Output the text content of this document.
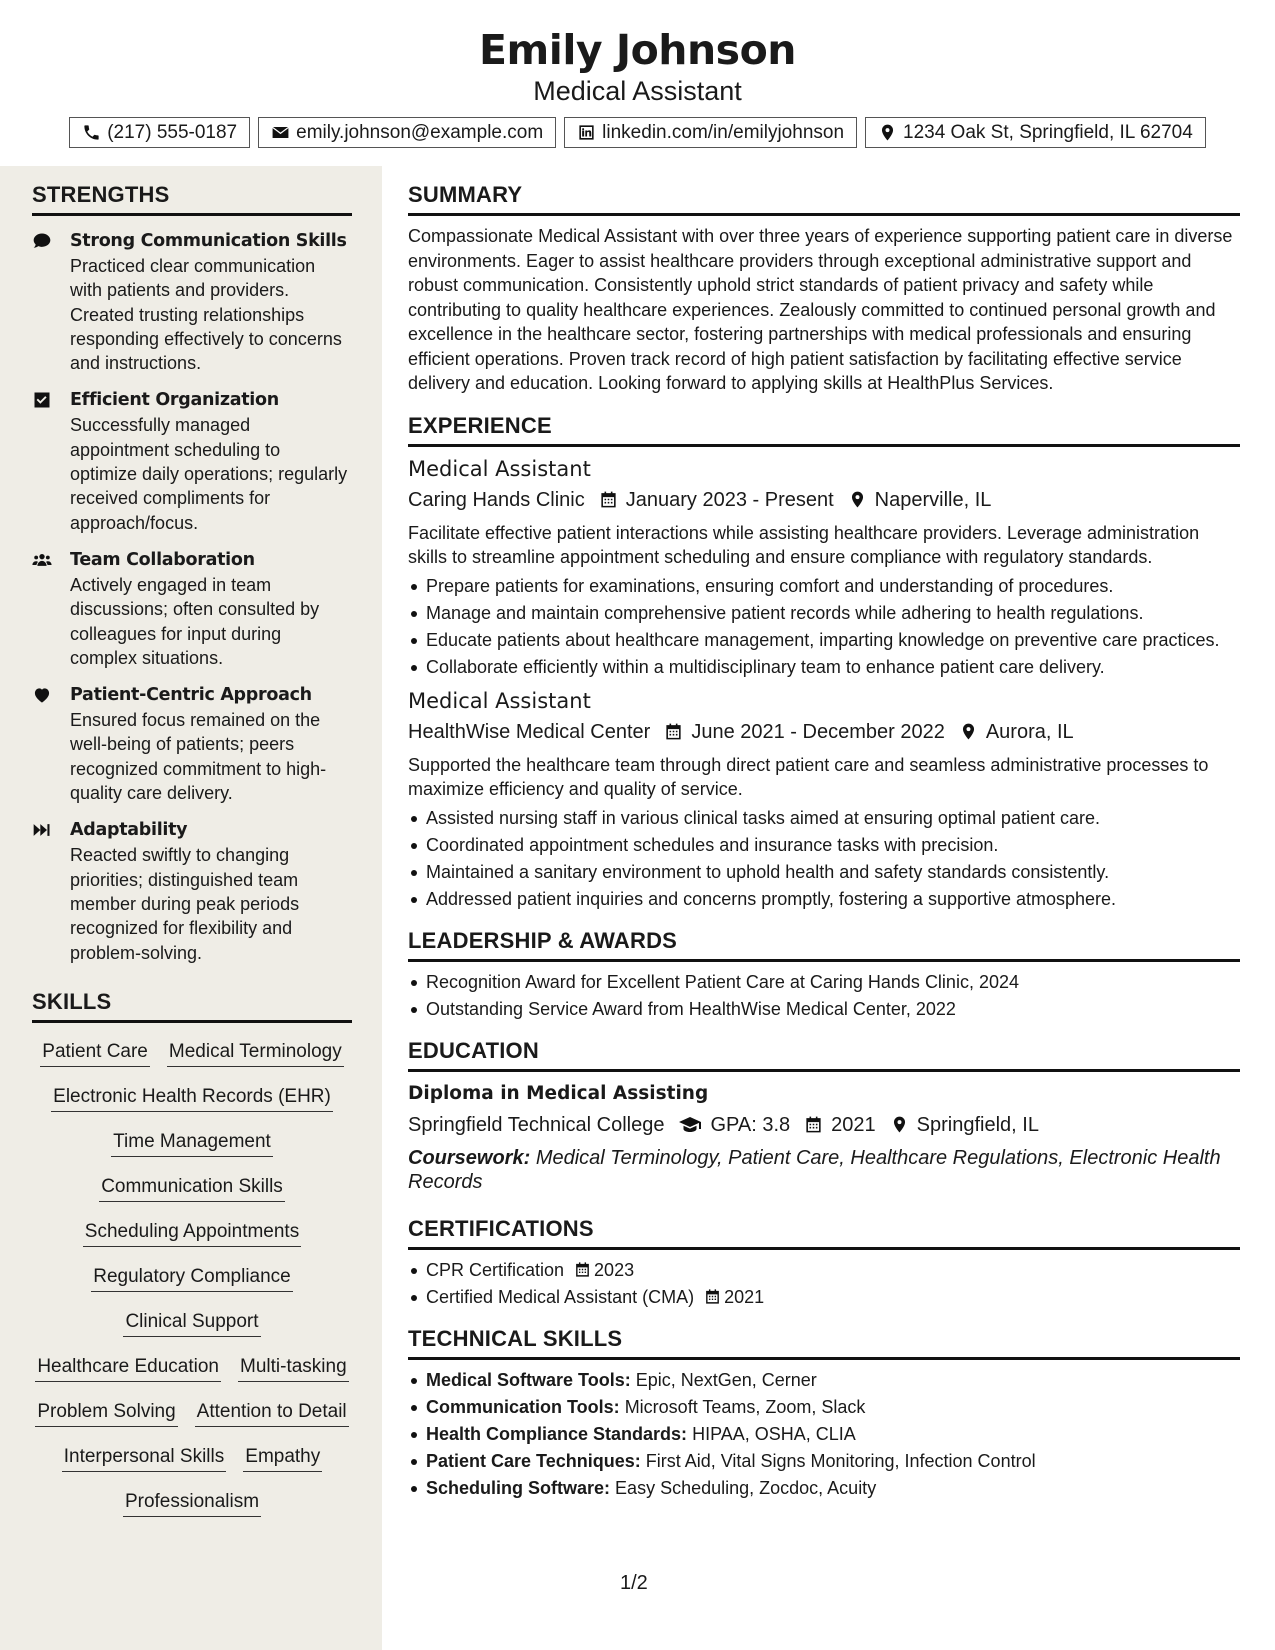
Emily Johnson
Medical Assistant
(217) 555-0187	emily.johnson@example.com	linkedin.com/in/emilyjohnson	1234 Oak St, Springfield, IL 62704
STRENGTHS
Strong Communication Skills
Practiced clear communication with patients and providers. Created trusting relationships responding effectively to concerns and instructions.
Efficient Organization
Successfully managed appointment scheduling to optimize daily operations; regularly received compliments for approach/focus.
Team Collaboration
Actively engaged in team discussions; often consulted by colleagues for input during complex situations.
Patient-Centric Approach
Ensured focus remained on the well-being of patients; peers recognized commitment to high-quality care delivery.
Adaptability
Reacted swiftly to changing priorities; distinguished team member during peak periods recognized for flexibility and problem-solving.
SKILLS
Patient Care Medical Terminology
Electronic Health Records (EHR)
Time Management
Communication Skills
Scheduling Appointments
Regulatory Compliance
Clinical Support
Healthcare Education Multi-tasking
Problem Solving Attention to Detail
Interpersonal Skills Empathy
Professionalism
SUMMARY
Compassionate Medical Assistant with over three years of experience supporting patient care in diverse environments. Eager to assist healthcare providers through exceptional administrative support and robust communication. Consistently uphold strict standards of patient privacy and safety while contributing to quality healthcare experiences. Zealously committed to continued personal growth and excellence in the healthcare sector, fostering partnerships with medical professionals and ensuring efficient operations. Proven track record of high patient satisfaction by facilitating effective service delivery and education. Looking forward to applying skills at HealthPlus Services.
EXPERIENCE
Medical Assistant
Caring Hands Clinic January 2023 - Present Naperville, IL
Facilitate effective patient interactions while assisting healthcare providers. Leverage administration skills to streamline appointment scheduling and ensure compliance with regulatory standards.
Prepare patients for examinations, ensuring comfort and understanding of procedures.
Manage and maintain comprehensive patient records while adhering to health regulations.
Educate patients about healthcare management, imparting knowledge on preventive care practices.
Collaborate efficiently within a multidisciplinary team to enhance patient care delivery.
Medical Assistant
HealthWise Medical Center June 2021 - December 2022 Aurora, IL
Supported the healthcare team through direct patient care and seamless administrative processes to maximize efficiency and quality of service.
Assisted nursing staff in various clinical tasks aimed at ensuring optimal patient care.
Coordinated appointment schedules and insurance tasks with precision.
Maintained a sanitary environment to uphold health and safety standards consistently.
Addressed patient inquiries and concerns promptly, fostering a supportive atmosphere.
LEADERSHIP & AWARDS
Recognition Award for Excellent Patient Care at Caring Hands Clinic, 2024
Outstanding Service Award from HealthWise Medical Center, 2022
EDUCATION
Diploma in Medical Assisting
Springfield Technical College GPA: 3.8 2021 Springfield, IL
Coursework: Medical Terminology, Patient Care, Healthcare Regulations, Electronic Health Records
CERTIFICATIONS
CPR Certification 2023
Certified Medical Assistant (CMA) 2021
TECHNICAL SKILLS
Medical Software Tools: Epic, NextGen, Cerner
Communication Tools: Microsoft Teams, Zoom, Slack
Health Compliance Standards: HIPAA, OSHA, CLIA
Patient Care Techniques: First Aid, Vital Signs Monitoring, Infection Control
Scheduling Software: Easy Scheduling, Zocdoc, Acuity
1/2
